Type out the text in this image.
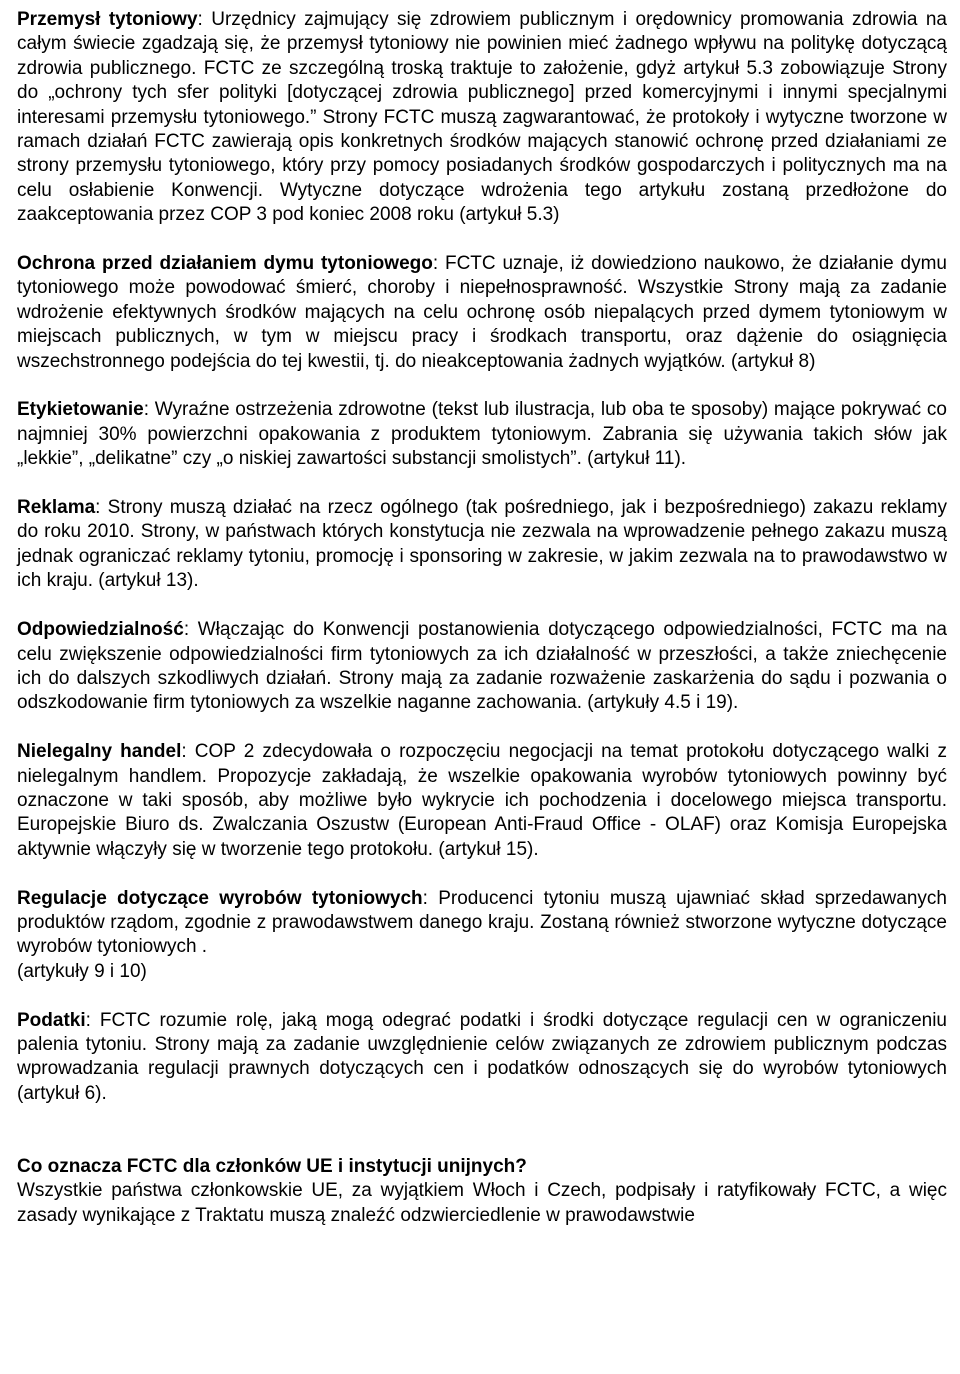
Przemysł tytoniowy: Urzędnicy zajmujący się zdrowiem publicznym i orędownicy promowania zdrowia na całym świecie zgadzają się, że przemysł tytoniowy nie powinien mieć żadnego wpływu na politykę dotyczącą zdrowia publicznego. FCTC ze szczególną troską traktuje to założenie, gdyż artykuł 5.3 zobowiązuje Strony do „ochrony tych sfer polityki [dotyczącej zdrowia publicznego] przed komercyjnymi i innymi specjalnymi interesami przemysłu tytoniowego.” Strony FCTC muszą zagwarantować, że protokoły i wytyczne tworzone w ramach działań FCTC zawierają opis konkretnych środków mających stanowić ochronę przed działaniami ze strony przemysłu tytoniowego, który przy pomocy posiadanych środków gospodarczych i politycznych ma na celu osłabienie Konwencji. Wytyczne dotyczące wdrożenia tego artykułu zostaną przedłożone do zaakceptowania przez COP 3 pod koniec 2008 roku (artykuł 5.3)

Ochrona przed działaniem dymu tytoniowego: FCTC uznaje, iż dowiedziono naukowo, że działanie dymu tytoniowego może powodować śmierć, choroby i niepełnosprawność. Wszystkie Strony mają za zadanie wdrożenie efektywnych środków mających na celu ochronę osób niepalących przed dymem tytoniowym w miejscach publicznych, w tym w miejscu pracy i środkach transportu, oraz dążenie do osiągnięcia wszechstronnego podejścia do tej kwestii, tj. do nieakceptowania żadnych wyjątków. (artykuł 8)

Etykietowanie: Wyraźne ostrzeżenia zdrowotne (tekst lub ilustracja, lub oba te sposoby) mające pokrywać co najmniej 30% powierzchni opakowania z produktem tytoniowym. Zabrania się używania takich słów jak „lekkie”, „delikatne” czy „o niskiej zawartości substancji smolistych”. (artykuł 11).

Reklama: Strony muszą działać na rzecz ogólnego (tak pośredniego, jak i bezpośredniego) zakazu reklamy do roku 2010. Strony, w państwach których konstytucja nie zezwala na wprowadzenie pełnego zakazu muszą jednak ograniczać reklamy tytoniu, promocję i sponsoring w zakresie, w jakim zezwala na to prawodawstwo w ich kraju. (artykuł 13).

Odpowiedzialność: Włączając do Konwencji postanowienia dotyczącego odpowiedzialności, FCTC ma na celu zwiększenie odpowiedzialności firm tytoniowych za ich działalność w przeszłości, a także zniechęcenie ich do dalszych szkodliwych działań. Strony mają za zadanie rozważenie zaskarżenia do sądu i pozwania o odszkodowanie firm tytoniowych za wszelkie naganne zachowania. (artykuły 4.5 i 19).

Nielegalny handel: COP 2 zdecydowała o rozpoczęciu negocjacji na temat protokołu dotyczącego walki z nielegalnym handlem. Propozycje zakładają, że wszelkie opakowania wyrobów tytoniowych powinny być oznaczone w taki sposób, aby możliwe było wykrycie ich pochodzenia i docelowego miejsca transportu. Europejskie Biuro ds. Zwalczania Oszustw (European Anti-Fraud Office - OLAF) oraz Komisja Europejska aktywnie włączyły się w tworzenie tego protokołu. (artykuł 15).

Regulacje dotyczące wyrobów tytoniowych: Producenci tytoniu muszą ujawniać skład sprzedawanych produktów rządom, zgodnie z prawodawstwem danego kraju. Zostaną również stworzone wytyczne dotyczące wyrobów tytoniowych .

(artykuły 9 i 10)

Podatki: FCTC rozumie rolę, jaką mogą odegrać podatki i środki dotyczące regulacji cen w ograniczeniu palenia tytoniu. Strony mają za zadanie uwzględnienie celów związanych ze zdrowiem publicznym podczas wprowadzania regulacji prawnych dotyczących cen i podatków odnoszących się do wyrobów tytoniowych (artykuł 6).

Co oznacza FCTC dla członków UE i instytucji unijnych?

Wszystkie państwa członkowskie UE, za wyjątkiem Włoch i Czech, podpisały i ratyfikowały FCTC, a więc zasady wynikające z Traktatu muszą znaleźć odzwierciedlenie w prawodawstwie
